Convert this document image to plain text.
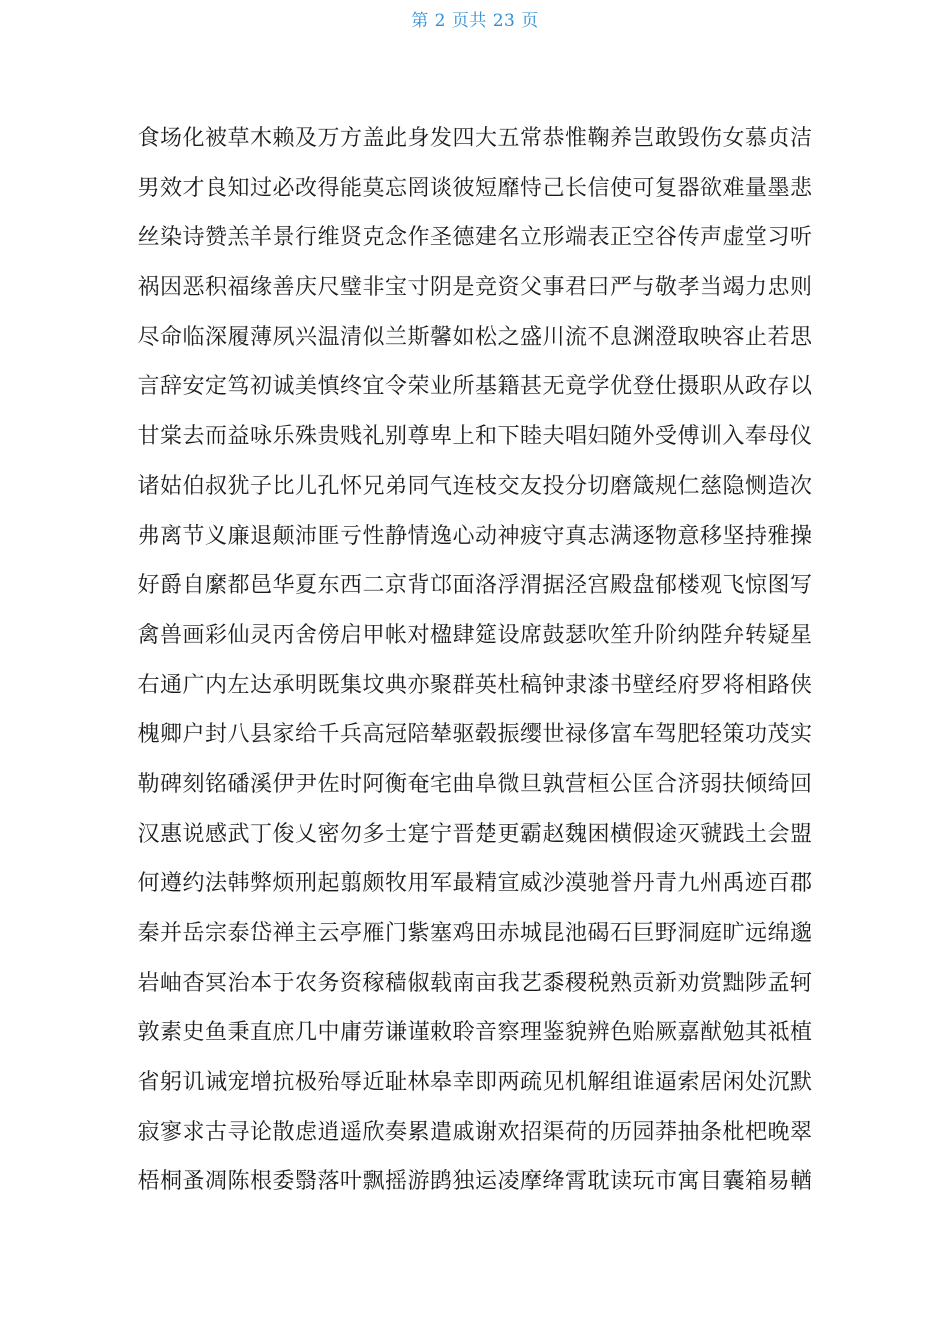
第 2 页共 23 页
食场化被草木赖及万方盖此身发四大五常恭惟鞠养岂敢毁伤女慕贞洁
男效才良知过必改得能莫忘罔谈彼短靡恃己长信使可复器欲难量墨悲
丝染诗赞羔羊景行维贤克念作圣德建名立形端表正空谷传声虚堂习听
祸因恶积福缘善庆尺璧非宝寸阴是竞资父事君曰严与敬孝当竭力忠则
尽命临深履薄夙兴温清似兰斯馨如松之盛川流不息渊澄取映容止若思
言辞安定笃初诚美慎终宜令荣业所基籍甚无竟学优登仕摄职从政存以
甘棠去而益咏乐殊贵贱礼别尊卑上和下睦夫唱妇随外受傅训入奉母仪
诸姑伯叔犹子比儿孔怀兄弟同气连枝交友投分切磨箴规仁慈隐恻造次
弗离节义廉退颠沛匪亏性静情逸心动神疲守真志满逐物意移坚持雅操
好爵自縻都邑华夏东西二京背邙面洛浮渭据泾宫殿盘郁楼观飞惊图写
禽兽画彩仙灵丙舍傍启甲帐对楹肆筵设席鼓瑟吹笙升阶纳陛弁转疑星
右通广内左达承明既集坟典亦聚群英杜稿钟隶漆书壁经府罗将相路侠
槐卿户封八县家给千兵高冠陪辇驱毂振缨世禄侈富车驾肥轻策功茂实
勒碑刻铭磻溪伊尹佐时阿衡奄宅曲阜微旦孰营桓公匡合济弱扶倾绮回
汉惠说感武丁俊乂密勿多士寔宁晋楚更霸赵魏困横假途灭虢践土会盟
何遵约法韩弊烦刑起翦颇牧用军最精宣威沙漠驰誉丹青九州禹迹百郡
秦并岳宗泰岱禅主云亭雁门紫塞鸡田赤城昆池碣石巨野洞庭旷远绵邈
岩岫杳冥治本于农务资稼穑俶载南亩我艺黍稷税熟贡新劝赏黜陟孟轲
敦素史鱼秉直庶几中庸劳谦谨敕聆音察理鉴貌辨色贻厥嘉猷勉其祗植
省躬讥诫宠增抗极殆辱近耻林皋幸即两疏见机解组谁逼索居闲处沉默
寂寥求古寻论散虑逍遥欣奏累遣戚谢欢招渠荷的历园莽抽条枇杷晚翠
梧桐蚤凋陈根委翳落叶飘摇游鹍独运凌摩绛霄耽读玩市寓目囊箱易輶
